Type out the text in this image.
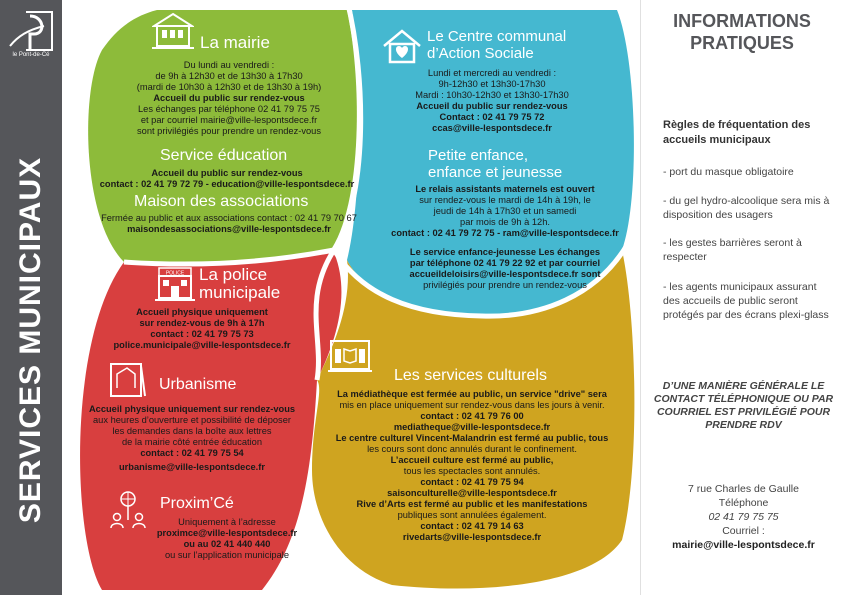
le Pont-de-Cé
SERVICES MUNICIPAUX
La mairie
Du lundi au vendredi :
de 9h à 12h30 et de 13h30 à 17h30
(mardi de 10h30 à 12h30 et de 13h30 à 19h)
Accueil du public sur rendez-vous
Les échanges par téléphone 02 41 79 75 75
et par courriel mairie@ville-lespontsdece.fr
sont privilégiés pour prendre un rendez-vous
Service éducation
Accueil du public sur rendez-vous
contact : 02 41 79 72 79 - education@ville-lespontsdece.fr
Maison des associations
Fermée au public et aux associations contact : 02 41 79 70 67
maisondesassociations@ville-lespontsdece.fr
Le Centre communal
d’Action Sociale
Lundi et mercredi au vendredi :
9h-12h30 et 13h30-17h30
Mardi : 10h30-12h30 et 13h30-17h30
Accueil du public sur rendez-vous
Contact : 02 41 79 75 72
ccas@ville-lespontsdece.fr
Petite enfance,
enfance et jeunesse
Le relais assistants maternels est ouvert
sur rendez-vous le mardi de 14h à 19h, le
jeudi de 14h à 17h30 et un samedi
par mois de 9h à 12h.
contact : 02 41 79 72 75 - ram@ville-lespontsdece.fr
Le service enfance-jeunesse Les échanges
par téléphone 02 41 79 22 92 et par courriel
accueildeloisirs@ville-lespontsdece.fr sont
privilégiés pour prendre un rendez-vous
POLICE La police
municipale
Accueil physique uniquement
sur rendez-vous de 9h à 17h
contact : 02 41 79 75 73
police.municipale@ville-lespontsdece.fr
Urbanisme
Accueil physique uniquement sur rendez-vous
aux heures d’ouverture et possibilité de déposer
les demandes dans la boîte aux lettres
de la mairie côté entrée éducation
contact : 02 41 79 75 54
urbanisme@ville-lespontsdece.fr
Proxim’Cé
Uniquement à l’adresse
proximce@ville-lespontsdece.fr
ou au 02 41 440 440
ou sur l’application municipale
Les services culturels
La médiathèque est fermée au public, un service "drive" sera
mis en place uniquement sur rendez-vous dans les jours à venir.
contact : 02 41 79 76 00
mediatheque@ville-lespontsdece.fr
Le centre culturel Vincent-Malandrin est fermé au public, tous
les cours sont donc annulés durant le confinement.
L’accueil culture est fermé au public,
tous les spectacles sont annulés.
contact : 02 41 79 75 94
saisonculturelle@ville-lespontsdece.fr
Rive d’Arts est fermé au public et les manifestations
publiques sont annulées également.
contact : 02 41 79 14 63
rivedarts@ville-lespontsdece.fr
INFORMATIONS
PRATIQUES
Règles de fréquentation des accueils municipaux
- port du masque obligatoire
- du gel hydro-alcoolique sera mis à disposition des usagers
- les gestes barrières seront à respecter
- les agents municipaux assurant des accueils de public seront protégés par des écrans plexi-glass
D’UNE MANIÈRE GÉNÉRALE LE CONTACT TÉLÉPHONIQUE OU PAR COURRIEL EST PRIVILÉGIÉ POUR PRENDRE RDV
7 rue Charles de Gaulle
Téléphone
02 41 79 75 75
Courriel :
mairie@ville-lespontsdece.fr
